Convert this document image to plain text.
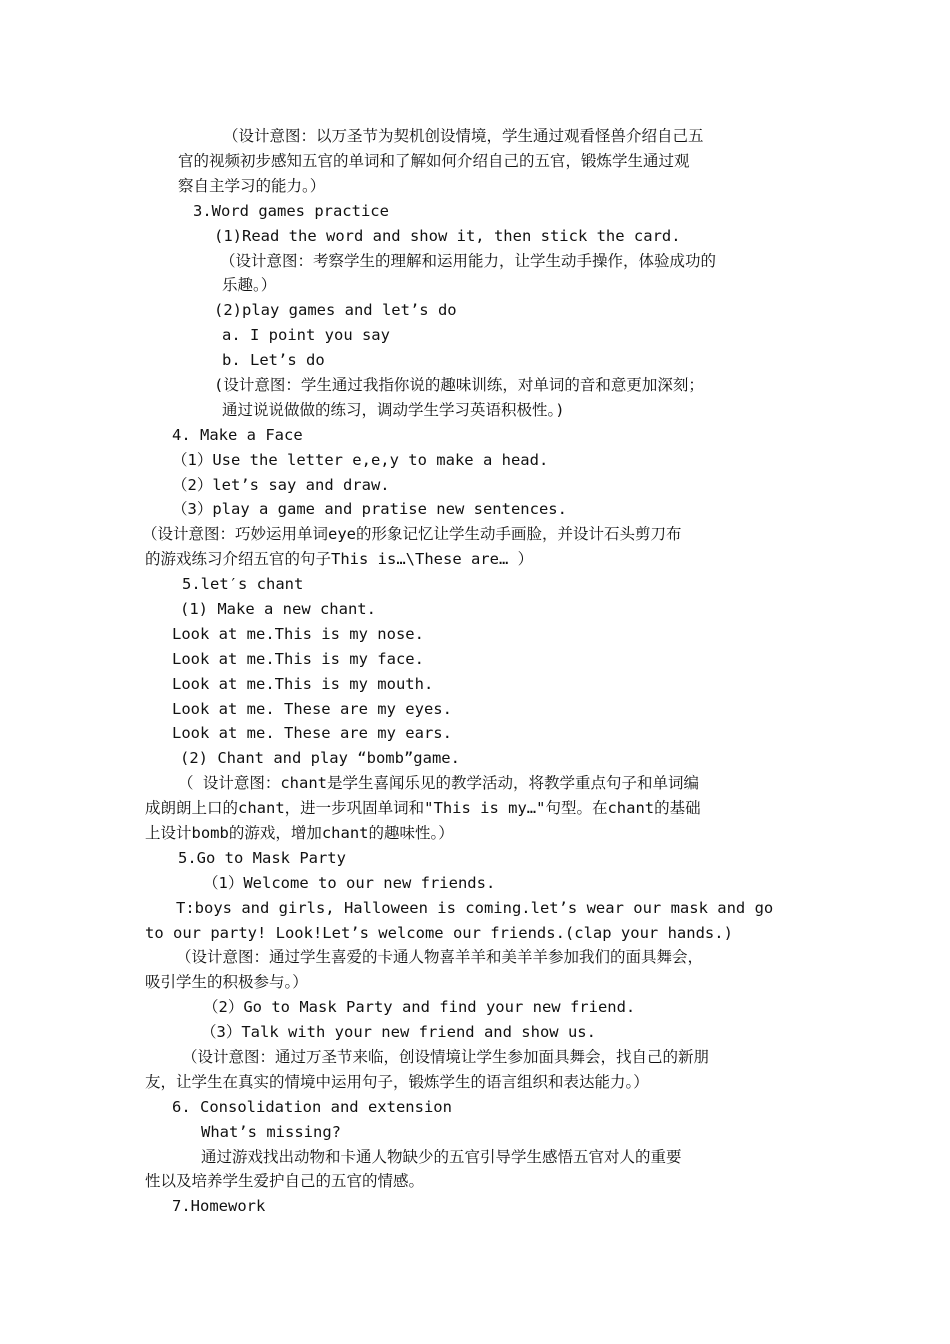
（设计意图：以万圣节为契机创设情境，学生通过观看怪兽介绍自己五
官的视频初步感知五官的单词和了解如何介绍自己的五官，锻炼学生通过观
察自主学习的能力。）
3.Word games practice
(1)Read the word and show it, then stick the card.
（设计意图：考察学生的理解和运用能力，让学生动手操作，体验成功的
乐趣。）
(2)play games and let’s do
a. I point you say
b. Let’s do
(设计意图：学生通过我指你说的趣味训练，对单词的音和意更加深刻；
通过说说做做的练习，调动学生学习英语积极性。)
4. Make a Face
（1）Use the letter e,e,y to make a head.
（2）let’s say and draw.
（3）play a game and pratise new sentences.
（设计意图：巧妙运用单词eye的形象记忆让学生动手画脸，并设计石头剪刀布
的游戏练习介绍五官的句子This is…\These are… ）
5.let′s chant
(1) Make a new chant.
Look at me.This is my nose.
Look at me.This is my face.
Look at me.This is my mouth.
Look at me. These are my eyes.
Look at me. These are my ears.
(2) Chant and play “bomb”game.
（ 设计意图：chant是学生喜闻乐见的教学活动，将教学重点句子和单词编
成朗朗上口的chant，进一步巩固单词和"This is my…"句型。在chant的基础
上设计bomb的游戏，增加chant的趣味性。）
5.Go to Mask Party
（1）Welcome to our new friends.
T:boys and girls, Halloween is coming.let’s wear our mask and go
to our party! Look!Let’s welcome our friends.(clap your hands.)
（设计意图：通过学生喜爱的卡通人物喜羊羊和美羊羊参加我们的面具舞会，
吸引学生的积极参与。）
（2）Go to Mask Party and find your new friend.
（3）Talk with your new friend and show us.
（设计意图：通过万圣节来临，创设情境让学生参加面具舞会，找自己的新朋
友，让学生在真实的情境中运用句子，锻炼学生的语言组织和表达能力。）
6. Consolidation and extension
What’s missing?
通过游戏找出动物和卡通人物缺少的五官引导学生感悟五官对人的重要
性以及培养学生爱护自己的五官的情感。
7.Homework
